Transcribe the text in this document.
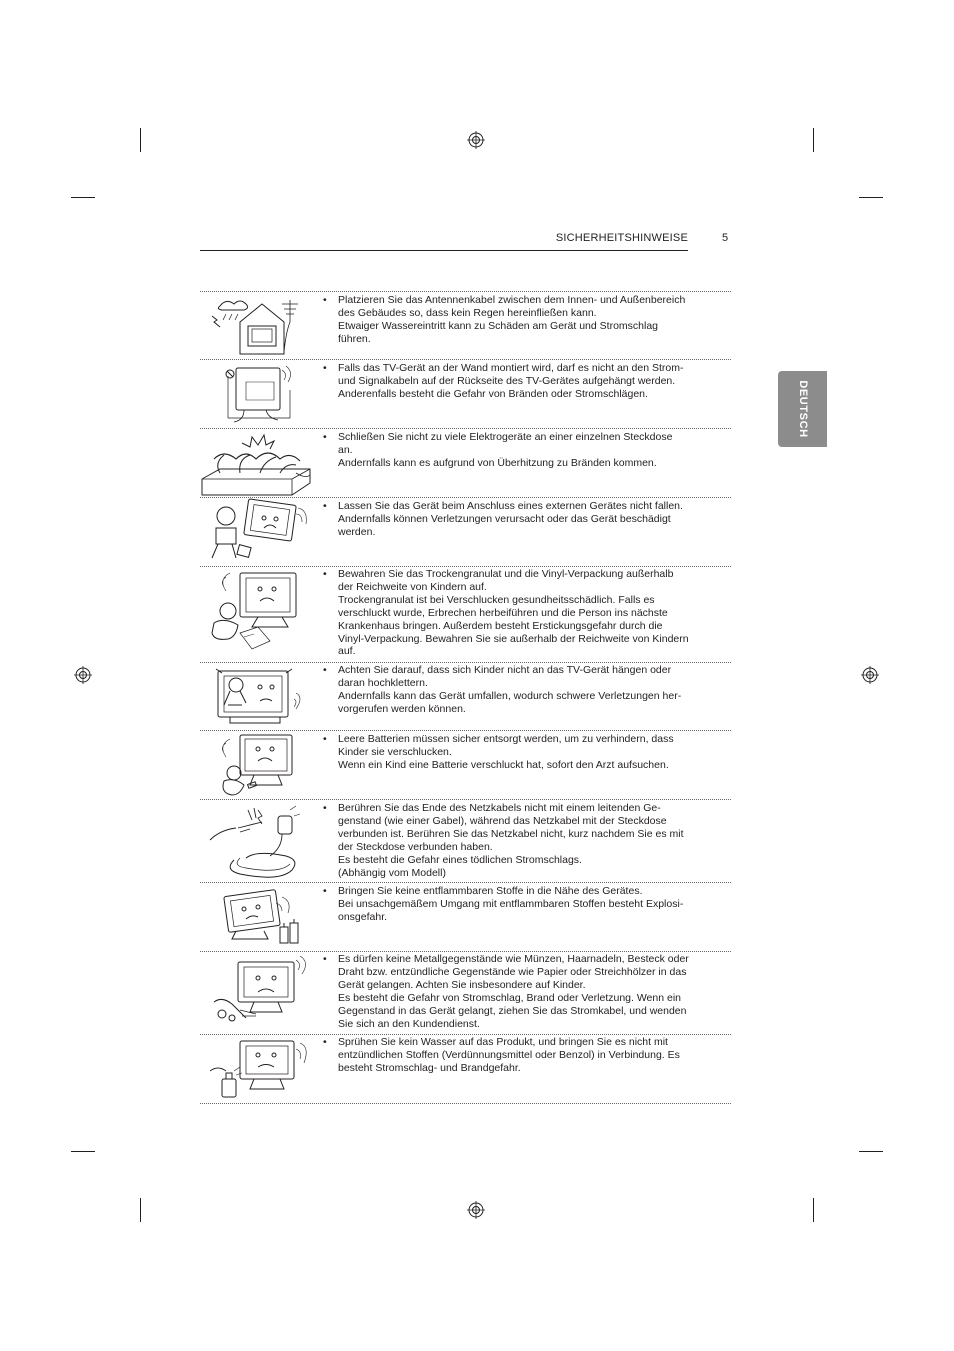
SICHERHEITSHINWEISE	5
DEUTSCH
• Platzieren Sie das Antennenkabel zwischen dem Innen- und Außenbereich
des Gebäudes so, dass kein Regen hereinfließen kann.
Etwaiger Wassereintritt kann zu Schäden am Gerät und Stromschlag
führen.
• Falls das TV-Gerät an der Wand montiert wird, darf es nicht an den Strom-
und Signalkabeln auf der Rückseite des TV-Gerätes aufgehängt werden.
Anderenfalls besteht die Gefahr von Bränden oder Stromschlägen.
• Schließen Sie nicht zu viele Elektrogeräte an einer einzelnen Steckdose
an.
Andernfalls kann es aufgrund von Überhitzung zu Bränden kommen.
• Lassen Sie das Gerät beim Anschluss eines externen Gerätes nicht fallen.
Andernfalls können Verletzungen verursacht oder das Gerät beschädigt
werden.
• Bewahren Sie das Trockengranulat und die Vinyl-Verpackung außerhalb
der Reichweite von Kindern auf.
Trockengranulat ist bei Verschlucken gesundheitsschädlich. Falls es
verschluckt wurde, Erbrechen herbeiführen und die Person ins nächste
Krankenhaus bringen. Außerdem besteht Erstickungsgefahr durch die
Vinyl-Verpackung. Bewahren Sie sie außerhalb der Reichweite von Kindern
auf.
• Achten Sie darauf, dass sich Kinder nicht an das TV-Gerät hängen oder
daran hochklettern.
Andernfalls kann das Gerät umfallen, wodurch schwere Verletzungen her-
vorgerufen werden können.
• Leere Batterien müssen sicher entsorgt werden, um zu verhindern, dass
Kinder sie verschlucken.
Wenn ein Kind eine Batterie verschluckt hat, sofort den Arzt aufsuchen.
• Berühren Sie das Ende des Netzkabels nicht mit einem leitenden Ge-
genstand (wie einer Gabel), während das Netzkabel mit der Steckdose
verbunden ist. Berühren Sie das Netzkabel nicht, kurz nachdem Sie es mit
der Steckdose verbunden haben.
Es besteht die Gefahr eines tödlichen Stromschlags.
(Abhängig vom Modell)
• Bringen Sie keine entflammbaren Stoffe in die Nähe des Gerätes.
Bei unsachgemäßem Umgang mit entflammbaren Stoffen besteht Explosi-
onsgefahr.
• Es dürfen keine Metallgegenstände wie Münzen, Haarnadeln, Besteck oder
Draht bzw. entzündliche Gegenstände wie Papier oder Streichhölzer in das
Gerät gelangen. Achten Sie insbesondere auf Kinder.
Es besteht die Gefahr von Stromschlag, Brand oder Verletzung. Wenn ein
Gegenstand in das Gerät gelangt, ziehen Sie das Stromkabel, und wenden
Sie sich an den Kundendienst.
• Sprühen Sie kein Wasser auf das Produkt, und bringen Sie es nicht mit
entzündlichen Stoffen (Verdünnungsmittel oder Benzol) in Verbindung. Es
besteht Stromschlag- und Brandgefahr.
